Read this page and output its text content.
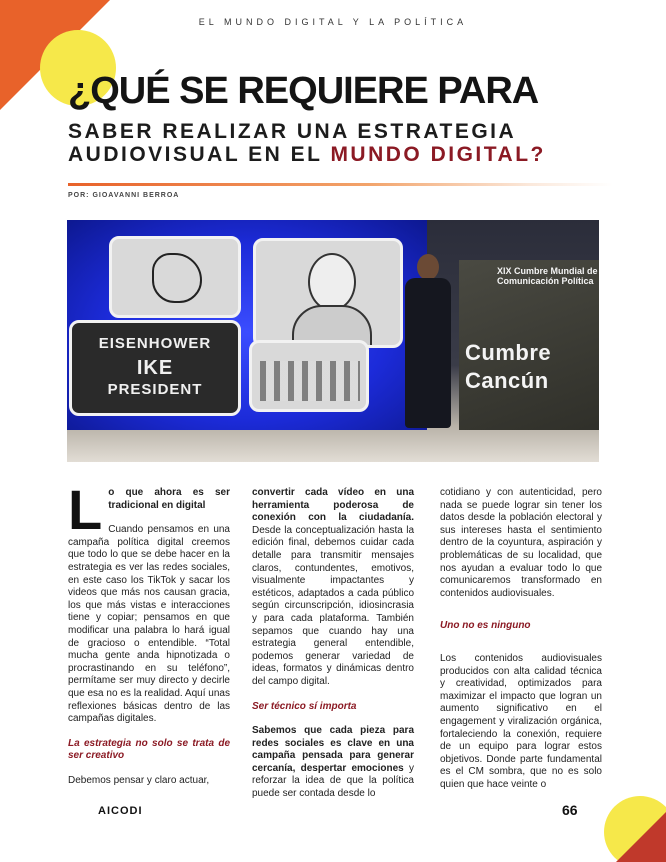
EL MUNDO DIGITAL Y LA POLÍTICA
¿QUÉ SE REQUIERE PARA
SABER REALIZAR UNA ESTRATEGIA
AUDIOVISUAL EN EL MUNDO DIGITAL?
POR: GIOAVANNI BERROA
EISENHOWER
IKE
PRESIDENT
XIX Cumbre Mundial de Comunicación Política
Cumbre
Cancún

L o que ahora es ser tradicional en digital

Cuando pensamos en una campaña política digital creemos que todo lo que se debe hacer en la estrategia es ver las redes sociales, en este caso los TikTok y sacar los videos que más nos causan gracia, los que más vistas e interacciones tiene y copiar; pensamos en que modificar una palabra lo hará igual de gracioso o entendible. “Total mucha gente anda hipnotizada o procrastinando en su teléfono”, permítame ser muy directo y decirle que esa no es la realidad. Aquí unas reflexiones básicas dentro de las campañas digitales.

La estrategia no solo se trata de ser creativo

Debemos pensar y claro actuar,

convertir cada vídeo en una herramienta poderosa de conexión con la ciudadanía. Desde la conceptualización hasta la edición final, debemos cuidar cada detalle para transmitir mensajes claros, contundentes, emotivos, visualmente impactantes y estéticos, adaptados a cada público según circunscripción, idiosincrasia y para cada plataforma. También sepamos que cuando hay una estrategia general entendible, podemos generar variedad de ideas, formatos y dinámicas dentro del campo digital.

Ser técnico sí importa

Sabemos que cada pieza para redes sociales es clave en una campaña pensada para generar cercanía, despertar emociones y reforzar la idea de que la política puede ser contada desde lo

cotidiano y con autenticidad, pero nada se puede lograr sin tener los datos desde la población electoral y sus intereses hasta el sentimiento dentro de la coyuntura, aspiración y problemáticas de su localidad, que nos ayudan a evaluar todo lo que comunicaremos transformado en contenidos audiovisuales.

Uno no es ninguno

Los contenidos audiovisuales producidos con alta calidad técnica y creatividad, optimizados para maximizar el impacto que logran un aumento significativo en el engagement y viralización orgánica, fortaleciendo la conexión, requiere de un equipo para lograr estos objetivos. Donde parte fundamental es el CM sombra, que no es solo quien que hace veinte o

AICODI	66
